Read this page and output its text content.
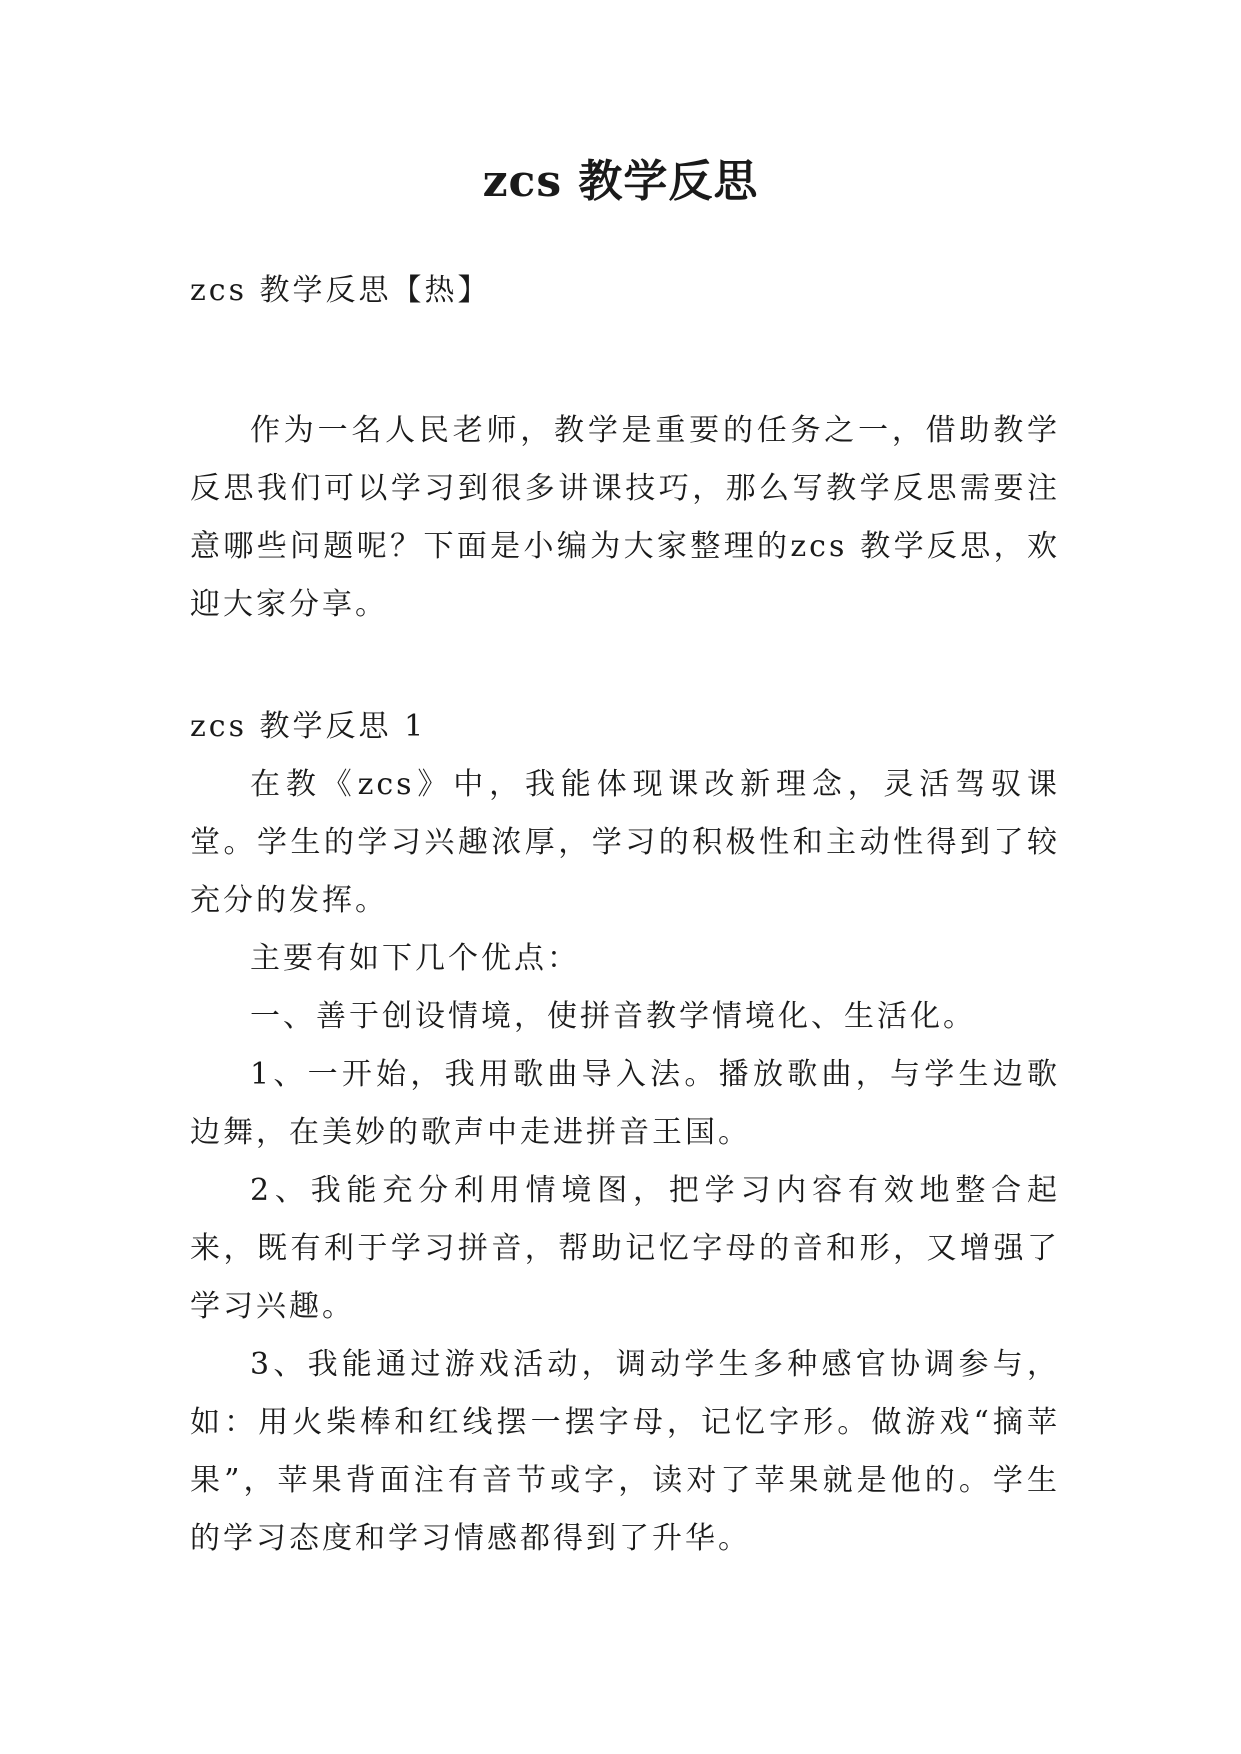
zcs 教学反思

zcs 教学反思【热】

作为一名人民老师，教学是重要的任务之一，借助教学反思我们可以学习到很多讲课技巧，那么写教学反思需要注意哪些问题呢？下面是小编为大家整理的zcs 教学反思，欢迎大家分享。

zcs 教学反思 1

在教《zcs》中，我能体现课改新理念，灵活驾驭课堂。学生的学习兴趣浓厚，学习的积极性和主动性得到了较充分的发挥。

主要有如下几个优点：

一、善于创设情境，使拼音教学情境化、生活化。

1、一开始，我用歌曲导入法。播放歌曲，与学生边歌边舞，在美妙的歌声中走进拼音王国。

2、我能充分利用情境图，把学习内容有效地整合起来，既有利于学习拼音，帮助记忆字母的音和形，又增强了学习兴趣。

3、我能通过游戏活动，调动学生多种感官协调参与，如：用火柴棒和红线摆一摆字母，记忆字形。做游戏“摘苹果”，苹果背面注有音节或字，读对了苹果就是他的。学生的学习态度和学习情感都得到了升华。
